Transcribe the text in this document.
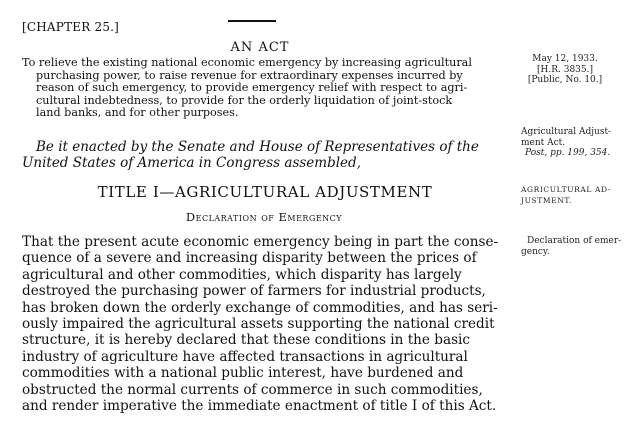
[CHAPTER 25.]
AN ACT
To relieve the existing national economic emergency by increasing agricultural
purchasing power, to raise revenue for extraordinary expenses incurred by
reason of such emergency, to provide emergency relief with respect to agri-
cultural indebtedness, to provide for the orderly liquidation of joint-stock
land banks, and for other purposes.
Be it enacted by the Senate and House of Representatives of the
United States of America in Congress assembled,
TITLE I—AGRICULTURAL ADJUSTMENT
Declaration of Emergency
That the present acute economic emergency being in part the conse-
quence of a severe and increasing disparity between the prices of
agricultural and other commodities, which disparity has largely
destroyed the purchasing power of farmers for industrial products,
has broken down the orderly exchange of commodities, and has seri-
ously impaired the agricultural assets supporting the national credit
structure, it is hereby declared that these conditions in the basic
industry of agriculture have affected transactions in agricultural
commodities with a national public interest, have burdened and
obstructed the normal currents of commerce in such commodities,
and render imperative the immediate enactment of title I of this Act.
May 12, 1933.
[H.R. 3835.]
[Public, No. 10.]
Agricultural Adjust-
ment Act.
Post, pp. 199, 354.
AGRICULTURAL AD-
JUSTMENT.
Declaration of emer-
gency.
